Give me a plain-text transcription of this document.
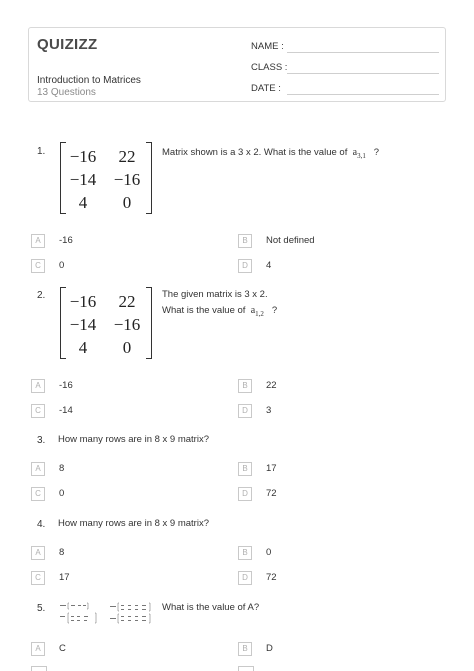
QUIZIZZ
Introduction to Matrices
13 Questions
NAME :
CLASS :
DATE :
1.	−16	22
−14	−16
4	0
Matrix shown is a 3 x 2. What is the value of $a_{3,1}$ ?
A	-16	B	Not defined
C	0	D	4
2.	−16	22
−14	−16
4	0
The given matrix is 3 x 2.
What is the value of $a_{1,2}$ ?
A	-16	B	22
C	-14	D	3
3. How many rows are in 8 x 9 matrix?
A	8	B	17
C	0	D	72
4. How many rows are in 8 x 9 matrix?
A	8	B	0
C	17	D	72
5.	What is the value of A?
A	C	B	D
